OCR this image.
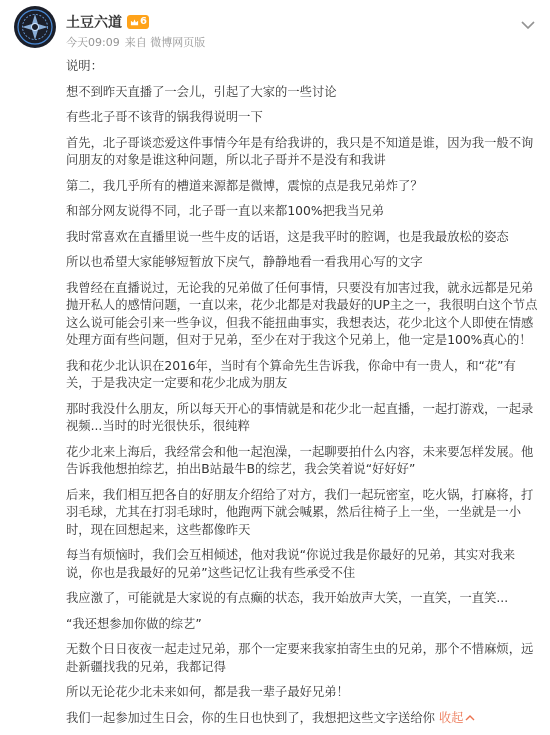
土豆六道 6
今天09:09 来自 微博网页版
说明：
想不到昨天直播了一会儿，引起了大家的一些讨论
有些北子哥不该背的锅我得说明一下
首先，北子哥谈恋爱这件事情今年是有给我讲的，我只是不知道是谁，因为我一般不询问朋友的对象是谁这种问题，所以北子哥并不是没有和我讲
第二，我几乎所有的槽道来源都是微博，震惊的点是我兄弟炸了？
和部分网友说得不同，北子哥一直以来都100%把我当兄弟
我时常喜欢在直播里说一些牛皮的话语，这是我平时的腔调，也是我最放松的姿态
所以也希望大家能够短暂放下戾气，静静地看一看我用心写的文字
我曾经在直播说过，无论我的兄弟做了任何事情，只要没有加害过我，就永远都是兄弟抛开私人的感情问题，一直以来，花少北都是对我最好的UP主之一，我很明白这个节点这么说可能会引来一些争议，但我不能扭曲事实，我想表达，花少北这个人即使在情感处理方面有些问题，但对于兄弟，至少在对于我这个兄弟上，他一定是100%真心的！
我和花少北认识在2016年，当时有个算命先生告诉我，你命中有一贵人，和“花”有关，于是我决定一定要和花少北成为朋友
那时我没什么朋友，所以每天开心的事情就是和花少北一起直播，一起打游戏，一起录视频...当时的时光很快乐，很纯粹
花少北来上海后，我经常会和他一起泡澡，一起聊要拍什么内容，未来要怎样发展。他告诉我他想拍综艺，拍出B站最牛B的综艺，我会笑着说“好好好”
后来，我们相互把各自的好朋友介绍给了对方，我们一起玩密室，吃火锅，打麻将，打羽毛球，尤其在打羽毛球时，他跑两下就会喊累，然后往椅子上一坐，一坐就是一小时，现在回想起来，这些都像昨天
每当有烦恼时，我们会互相倾述，他对我说“你说过我是你最好的兄弟，其实对我来说，你也是我最好的兄弟”这些记忆让我有些承受不住
我应激了，可能就是大家说的有点癫的状态，我开始放声大笑，一直笑，一直笑...
“我还想参加你做的综艺”
无数个日日夜夜一起走过兄弟，那个一定要来我家拍寄生虫的兄弟，那个不惜麻烦，远赴新疆找我的兄弟，我都记得
所以无论花少北未来如何，都是我一辈子最好兄弟！
我们一起参加过生日会，你的生日也快到了，我想把这些文字送给你 收起
